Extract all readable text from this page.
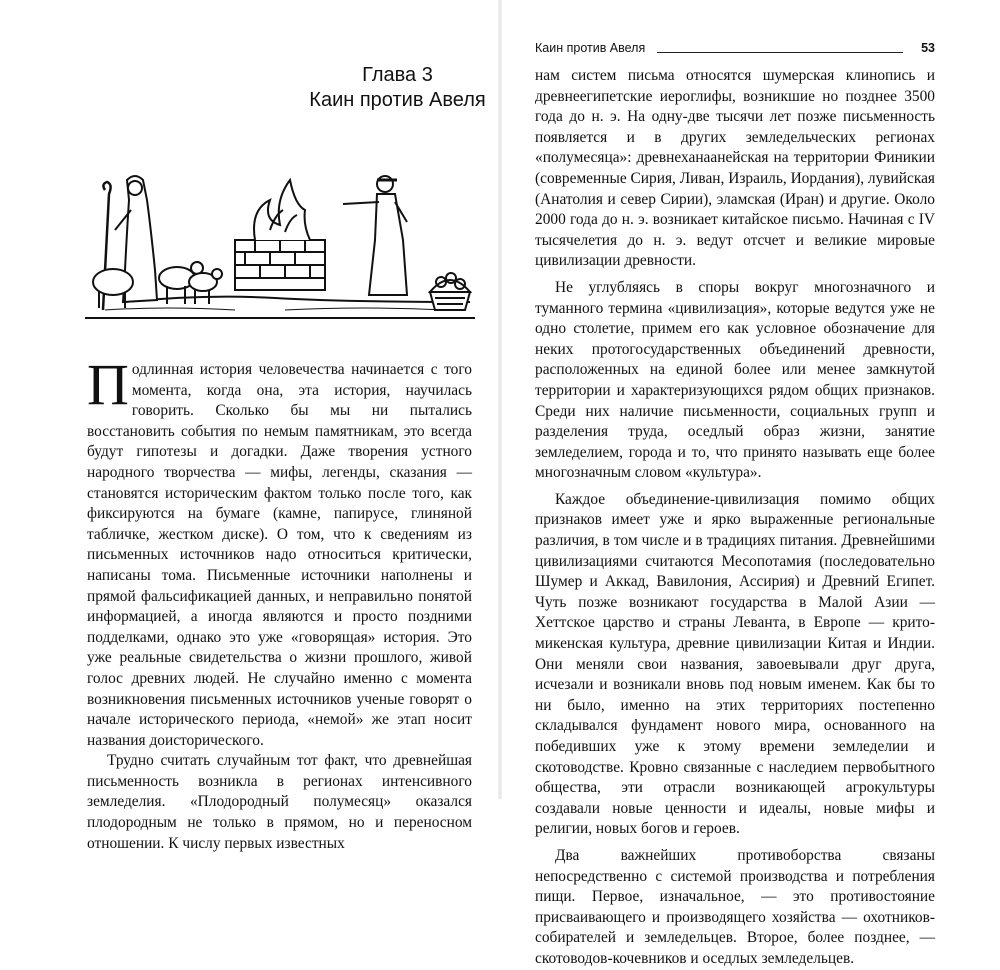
Глава 3
Каин против Авеля

Подлинная история человечества начинается с того момента, когда она, эта история, научилась говорить. Сколько бы мы ни пытались восстановить события по немым памятникам, это всегда будут гипотезы и догадки. Даже творения устного народного творчества — мифы, легенды, сказания — становятся историческим фактом только после того, как фиксируются на бумаге (камне, папирусе, глиняной табличке, жестком диске). О том, что к сведениям из письменных источников надо относиться критически, написаны тома. Письменные источники наполнены и прямой фальсификацией данных, и неправильно понятой информацией, а иногда являются и просто поздними подделками, однако это уже «говорящая» история. Это уже реальные свидетельства о жизни прошлого, живой голос древних людей. Не случайно именно с момента возникновения письменных источников ученые говорят о начале исторического периода, «немой» же этап носит названия доисторического.

Трудно считать случайным тот факт, что древнейшая письменность возникла в регионах интенсивного земледелия. «Плодородный полумесяц» оказался плодородным не только в прямом, но и переносном отношении. К числу первых известных

Каин против Авеля	53

нам систем письма относятся шумерская клинопись и древнеегипетские иероглифы, возникшие но позднее 3500 года до н. э. На одну-две тысячи лет позже письменность появляется и в других земледельческих регионах «полумесяца»: древнеханаанейская на территории Финикии (современные Сирия, Ливан, Израиль, Иордания), лувийская (Анатолия и север Сирии), эламская (Иран) и другие. Около 2000 года до н. э. возникает китайское письмо. Начиная с IV тысячелетия до н. э. ведут отсчет и великие мировые цивилизации древности.

Не углубляясь в споры вокруг многозначного и туманного термина «цивилизация», которые ведутся уже не одно столетие, примем его как условное обозначение для неких протогосударственных объединений древности, расположенных на единой более или менее замкнутой территории и характеризующихся рядом общих признаков. Среди них наличие письменности, социальных групп и разделения труда, оседлый образ жизни, занятие земледелием, города и то, что принято называть еще более многозначным словом «культура».

Каждое объединение-цивилизация помимо общих признаков имеет уже и ярко выраженные региональные различия, в том числе и в традициях питания. Древнейшими цивилизациями считаются Месопотамия (последовательно Шумер и Аккад, Вавилония, Ассирия) и Древний Египет. Чуть позже возникают государства в Малой Азии — Хеттское царство и страны Леванта, в Европе — крито-микенская культура, древние цивилизации Китая и Индии. Они меняли свои названия, завоевывали друг друга, исчезали и возникали вновь под новым именем. Как бы то ни было, именно на этих территориях постепенно складывался фундамент нового мира, основанного на победивших уже к этому времени земледелии и скотоводстве. Кровно связанные с наследием первобытного общества, эти отрасли возникающей агрокультуры создавали новые ценности и идеалы, новые мифы и религии, новых богов и героев.

Два важнейших противоборства связаны непосредственно с системой производства и потребления пищи. Первое, изначальное, — это противостояние присваивающего и производящего хозяйства — охотников-собирателей и земледельцев. Второе, более позднее, — скотоводов-кочевников и оседлых земледельцев.
